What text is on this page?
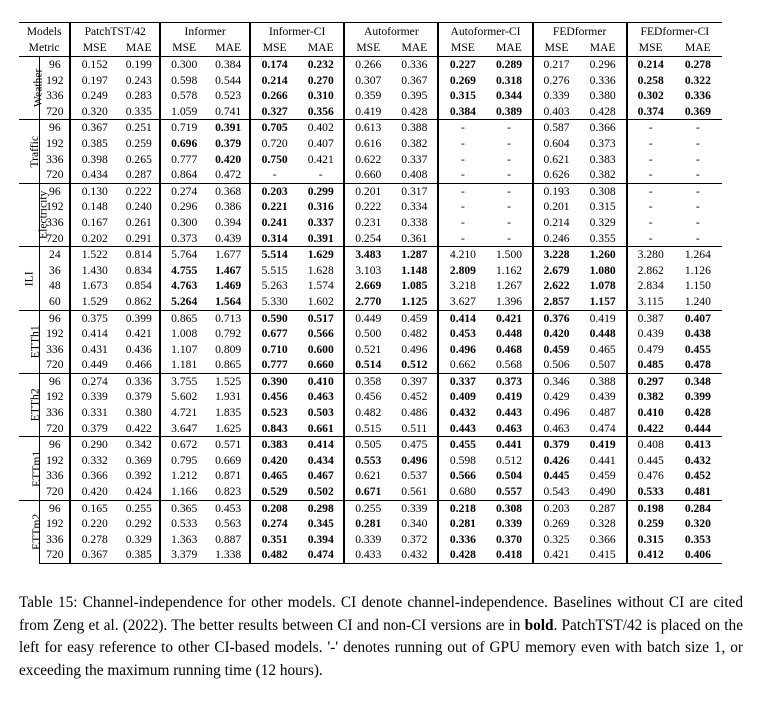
Models		PatchTST/42		Informer		Informer-CI		Autoformer		Autoformer-CI		FEDformer		FEDformer-CI	
Metric		MSE	MAE	MSE	MAE	MSE	MAE	MSE	MAE	MSE	MAE	MSE	MAE	MSE	MAE
Weather	96	0.152	0.199	0.300	0.384	0.174	0.232	0.266	0.336	0.227	0.289	0.217	0.296	0.214	0.278
	192	0.197	0.243	0.598	0.544	0.214	0.270	0.307	0.367	0.269	0.318	0.276	0.336	0.258	0.322
	336	0.249	0.283	0.578	0.523	0.266	0.310	0.359	0.395	0.315	0.344	0.339	0.380	0.302	0.336
	720	0.320	0.335	1.059	0.741	0.327	0.356	0.419	0.428	0.384	0.389	0.403	0.428	0.374	0.369
Traffic	96	0.367	0.251	0.719	0.391	0.705	0.402	0.613	0.388	-	-	0.587	0.366	-	-
	192	0.385	0.259	0.696	0.379	0.720	0.407	0.616	0.382	-	-	0.604	0.373	-	-
	336	0.398	0.265	0.777	0.420	0.750	0.421	0.622	0.337	-	-	0.621	0.383	-	-
	720	0.434	0.287	0.864	0.472	-	-	0.660	0.408	-	-	0.626	0.382	-	-
Electricity	96	0.130	0.222	0.274	0.368	0.203	0.299	0.201	0.317	-	-	0.193	0.308	-	-
	192	0.148	0.240	0.296	0.386	0.221	0.316	0.222	0.334	-	-	0.201	0.315	-	-
	336	0.167	0.261	0.300	0.394	0.241	0.337	0.231	0.338	-	-	0.214	0.329	-	-
	720	0.202	0.291	0.373	0.439	0.314	0.391	0.254	0.361	-	-	0.246	0.355	-	-
ILI	24	1.522	0.814	5.764	1.677	5.514	1.629	3.483	1.287	4.210	1.500	3.228	1.260	3.280	1.264
	36	1.430	0.834	4.755	1.467	5.515	1.628	3.103	1.148	2.809	1.162	2.679	1.080	2.862	1.126
	48	1.673	0.854	4.763	1.469	5.263	1.574	2.669	1.085	3.218	1.267	2.622	1.078	2.834	1.150
	60	1.529	0.862	5.264	1.564	5.330	1.602	2.770	1.125	3.627	1.396	2.857	1.157	3.115	1.240
ETTh1	96	0.375	0.399	0.865	0.713	0.590	0.517	0.449	0.459	0.414	0.421	0.376	0.419	0.387	0.407
	192	0.414	0.421	1.008	0.792	0.677	0.566	0.500	0.482	0.453	0.448	0.420	0.448	0.439	0.438
	336	0.431	0.436	1.107	0.809	0.710	0.600	0.521	0.496	0.496	0.468	0.459	0.465	0.479	0.455
	720	0.449	0.466	1.181	0.865	0.777	0.660	0.514	0.512	0.662	0.568	0.506	0.507	0.485	0.478
ETTh2	96	0.274	0.336	3.755	1.525	0.390	0.410	0.358	0.397	0.337	0.373	0.346	0.388	0.297	0.348
	192	0.339	0.379	5.602	1.931	0.456	0.463	0.456	0.452	0.409	0.419	0.429	0.439	0.382	0.399
	336	0.331	0.380	4.721	1.835	0.523	0.503	0.482	0.486	0.432	0.443	0.496	0.487	0.410	0.428
	720	0.379	0.422	3.647	1.625	0.843	0.661	0.515	0.511	0.443	0.463	0.463	0.474	0.422	0.444
ETTm1	96	0.290	0.342	0.672	0.571	0.383	0.414	0.505	0.475	0.455	0.441	0.379	0.419	0.408	0.413
	192	0.332	0.369	0.795	0.669	0.420	0.434	0.553	0.496	0.598	0.512	0.426	0.441	0.445	0.432
	336	0.366	0.392	1.212	0.871	0.465	0.467	0.621	0.537	0.566	0.504	0.445	0.459	0.476	0.452
	720	0.420	0.424	1.166	0.823	0.529	0.502	0.671	0.561	0.680	0.557	0.543	0.490	0.533	0.481
ETTm2	96	0.165	0.255	0.365	0.453	0.208	0.298	0.255	0.339	0.218	0.308	0.203	0.287	0.198	0.284
	192	0.220	0.292	0.533	0.563	0.274	0.345	0.281	0.340	0.281	0.339	0.269	0.328	0.259	0.320
	336	0.278	0.329	1.363	0.887	0.351	0.394	0.339	0.372	0.336	0.370	0.325	0.366	0.315	0.353
	720	0.367	0.385	3.379	1.338	0.482	0.474	0.433	0.432	0.428	0.418	0.421	0.415	0.412	0.406
Table 15: Channel-independence for other models. CI denote channel-independence. Baselines without CI are cited from Zeng et al. (2022). The better results between CI and non-CI versions are in bold. PatchTST/42 is placed on the left for easy reference to other CI-based models. '-' denotes running out of GPU memory even with batch size 1, or exceeding the maximum running time (12 hours).
